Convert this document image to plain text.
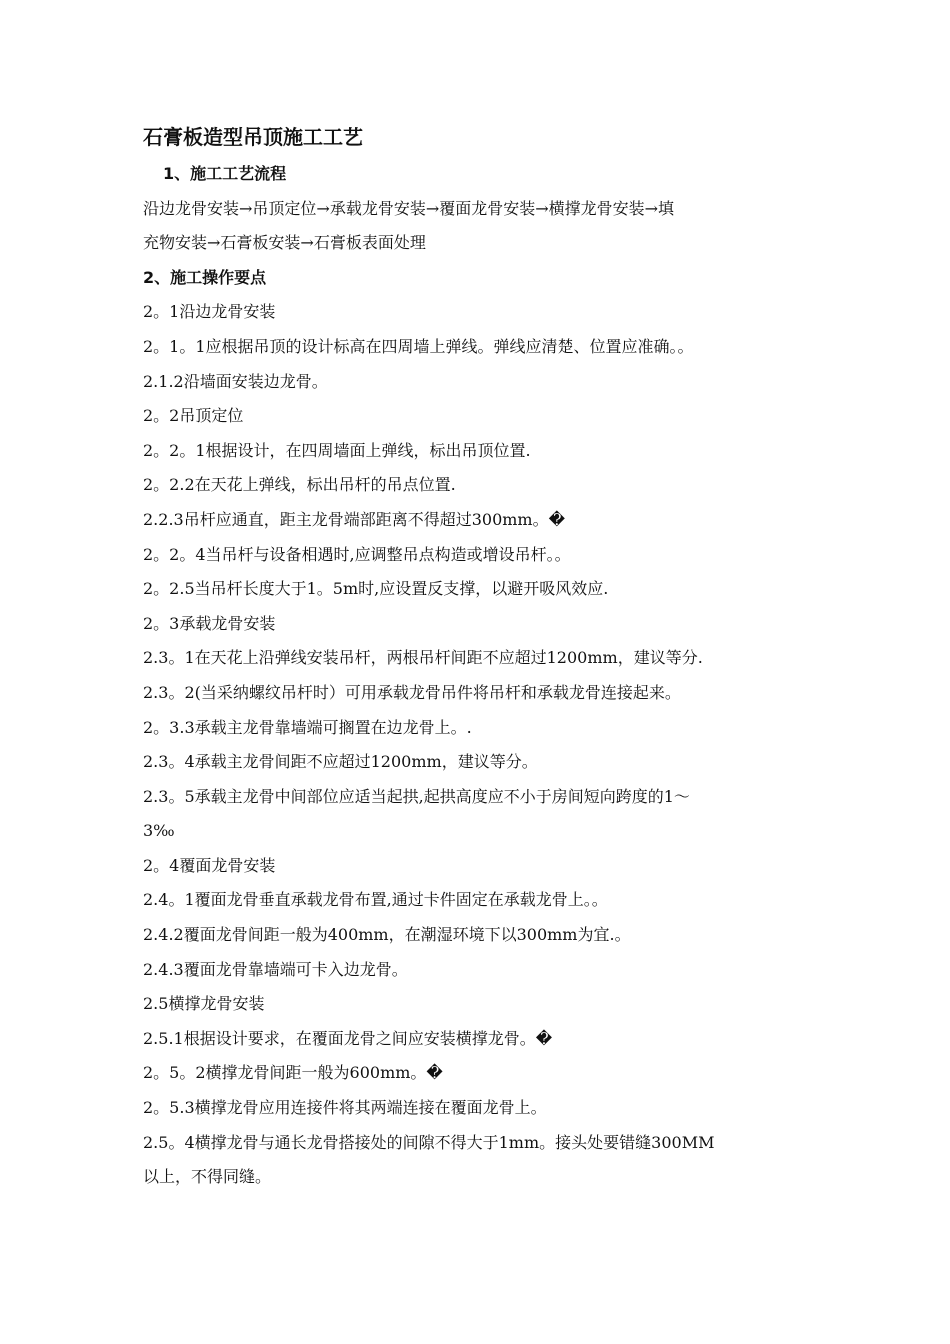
石膏板造型吊顶施工工艺
1、施工工艺流程
沿边龙骨安装→吊顶定位→承载龙骨安装→覆面龙骨安装→横撑龙骨安装→填
充物安装→石膏板安装→石膏板表面处理
2、施工操作要点
2。1沿边龙骨安装
2。1。1应根据吊顶的设计标高在四周墙上弹线。弹线应清楚、位置应准确。。
2.1.2沿墙面安装边龙骨。
2。2吊顶定位
2。2。1根据设计，在四周墙面上弹线，标出吊顶位置.
2。2.2在天花上弹线，标出吊杆的吊点位置.
2.2.3吊杆应通直，距主龙骨端部距离不得超过300mm。�
2。2。4当吊杆与设备相遇时,应调整吊点构造或增设吊杆。。
2。2.5当吊杆长度大于1。5m时,应设置反支撑，以避开吸风效应.
2。3承载龙骨安装
2.3。1在天花上沿弹线安装吊杆，两根吊杆间距不应超过1200mm，建议等分.
2.3。2(当采纳螺纹吊杆时）可用承载龙骨吊件将吊杆和承载龙骨连接起来。
2。3.3承载主龙骨靠墙端可搁置在边龙骨上。.
2.3。4承载主龙骨间距不应超过1200mm，建议等分。
2.3。5承载主龙骨中间部位应适当起拱,起拱高度应不小于房间短向跨度的1～
3‰
2。4覆面龙骨安装
2.4。1覆面龙骨垂直承载龙骨布置,通过卡件固定在承载龙骨上。。
2.4.2覆面龙骨间距一般为400mm，在潮湿环境下以300mm为宜.。
2.4.3覆面龙骨靠墙端可卡入边龙骨。
2.5横撑龙骨安装
2.5.1根据设计要求，在覆面龙骨之间应安装横撑龙骨。�
2。5。2横撑龙骨间距一般为600mm。�
2。5.3横撑龙骨应用连接件将其两端连接在覆面龙骨上。
2.5。4横撑龙骨与通长龙骨搭接处的间隙不得大于1mm。接头处要错缝300MM
以上，不得同缝。
